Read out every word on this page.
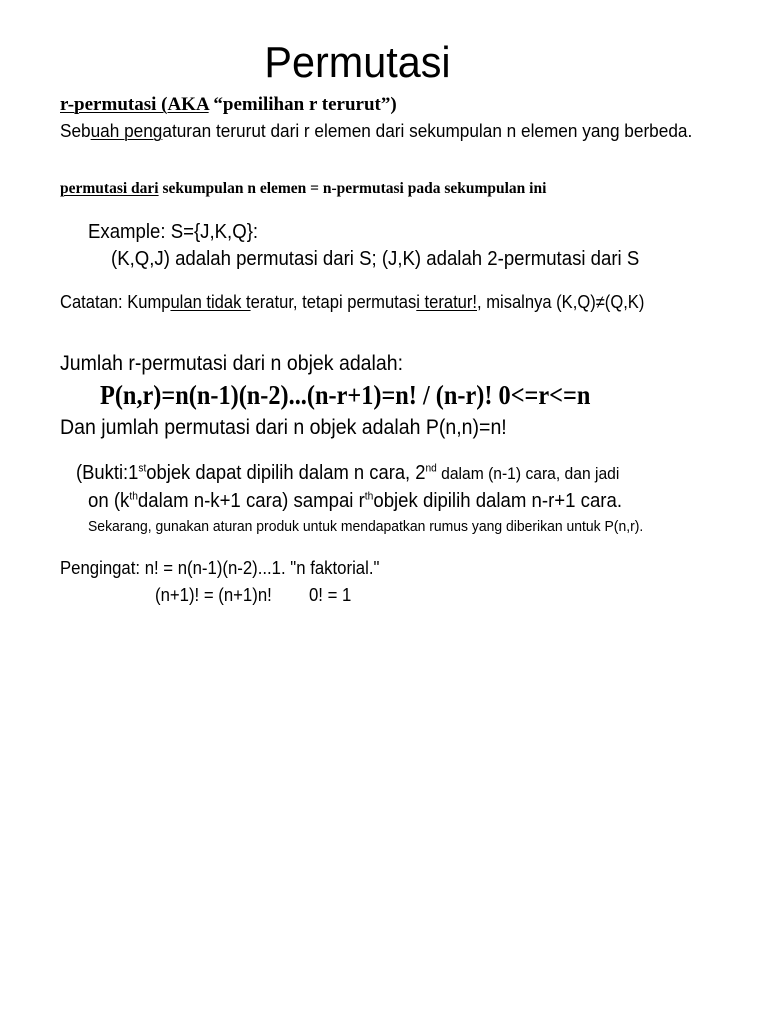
Permutasi
r-permutasi (AKA “pemilihan r terurut”)
Sebuah pengaturan terurut dari r elemen dari sekumpulan n elemen yang berbeda.
permutasi dari sekumpulan n elemen = n-permutasi pada sekumpulan ini
Example: S={J,K,Q}:
(K,Q,J) adalah permutasi dari S; (J,K) adalah 2-permutasi dari S
Catatan: Kumpulan tidak teratur, tetapi permutasi teratur!, misalnya (K,Q)≠(Q,K)
Jumlah r-permutasi dari n objek adalah:
P(n,r)=n(n-1)(n-2)...(n-r+1)=n! / (n-r)! 0<=r<=n
Dan jumlah permutasi dari n objek adalah P(n,n)=n!
(Bukti:1stobjek dapat dipilih dalam n cara, 2nd dalam (n-1) cara, dan jadi
on ($k^{th}dalam$ n-k+1 cara) sampai $r^{th}objek$ dipilih dalam n-r+1 cara.
Sekarang, gunakan aturan produk untuk mendapatkan rumus yang diberikan untuk P(n,r).
Pengingat: n! = n(n-1)(n-2)...1. "n faktorial."
(n+1)! = (n+1)n! 0! = 1
